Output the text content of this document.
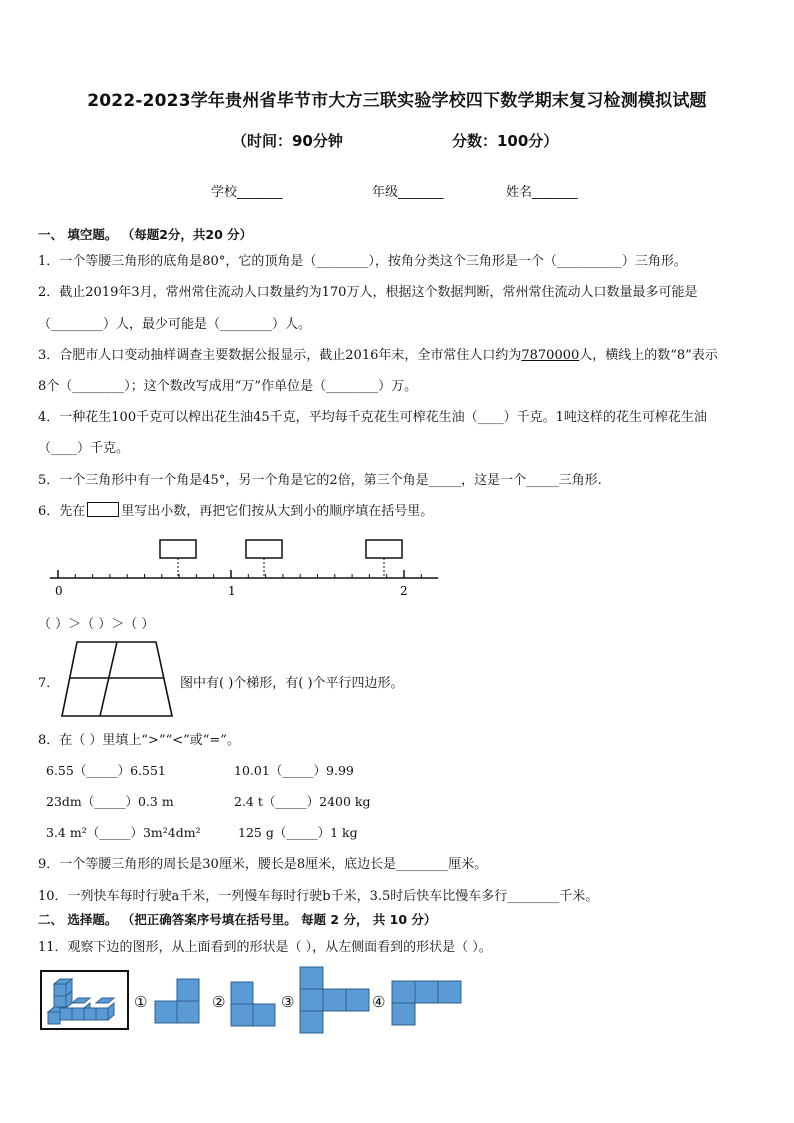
2022-2023学年贵州省毕节市大方三联实验学校四下数学期末复习检测模拟试题
（时间：90分钟	分数：100分）
学校_______	年级_______	姓名_______
一、 填空题。 （每题2分，共20 分）
1．一个等腰三角形的底角是80°，它的顶角是（________），按角分类这个三角形是一个（__________）三角形。
2．截止2019年3月，常州常住流动人口数量约为170万人，根据这个数据判断，常州常住流动人口数量最多可能是
（________）人，最少可能是（________）人。
3．合肥市人口变动抽样调查主要数据公报显示，截止2016年末，全市常住人口约为7870000人，横线上的数“8”表示
8个（________）；这个数改写成用“万”作单位是（________）万。
4．一种花生100千克可以榨出花生油45千克，平均每千克花生可榨花生油（____）千克。1吨这样的花生可榨花生油
（____）千克。
5．一个三角形中有一个角是45°，另一个角是它的2倍，第三个角是_____，这是一个_____三角形.
6．先在	里写出小数，再把它们按从大到小的顺序填在括号里。
0	1	2
（ ）＞（ ）＞（ ）
7．	图中有( )个梯形，有( )个平行四边形。
8．在（ ）里填上“>”“<”或“=”。
6.55（_____）6.551	10.01（_____）9.99
23dm（_____）0.3 m	2.4 t（_____）2400 kg
3.4 m²（_____）3m²4dm²	125 g（_____）1 kg
9．一个等腰三角形的周长是30厘米，腰长是8厘米，底边长是________厘米。
10．一列快车每时行驶a千米，一列慢车每时行驶b千米，3.5时后快车比慢车多行________千米。
二、 选择题。 （把正确答案序号填在括号里。 每题 2 分， 共 10 分）
11．观察下边的图形，从上面看到的形状是（ ），从左侧面看到的形状是（ ）。
①	②	③	④
